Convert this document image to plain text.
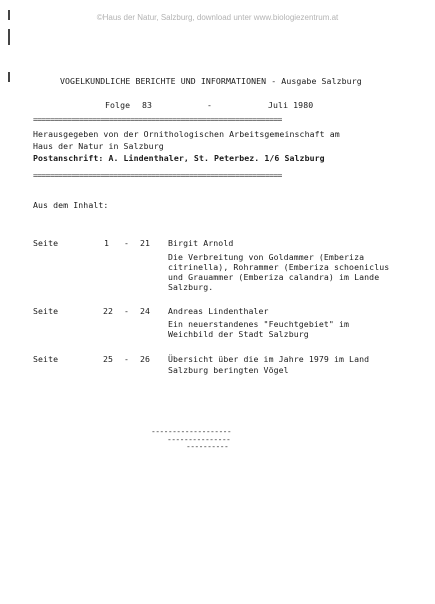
©Haus der Natur, Salzburg, download unter www.biologiezentrum.at
VOGELKUNDLICHE BERICHTE UND INFORMATIONEN - Ausgabe Salzburg
Folge 83	-	Juli 1980
===========================================================
Herausgegeben von der Ornithologischen Arbeitsgemeinschaft am
Haus der Natur in Salzburg
Postanschrift: A. Lindenthaler, St. Peterbez. 1/6 Salzburg
===========================================================
Aus dem Inhalt:
Seite	1 - 21 Birgit Arnold
Die Verbreitung von Goldammer (Emberiza
citrinella), Rohrammer (Emberiza schoeniclus
und Grauammer (Emberiza calandra) im Lande
Salzburg.
Seite	22 - 24 Andreas Lindenthaler
Ein neuerstandenes "Feuchtgebiet" im
Weichbild der Stadt Salzburg
Seite	25 - 26 Übersicht über die im Jahre 1979 im Land
Salzburg beringten Vögel
-------------------
---------------
----------
